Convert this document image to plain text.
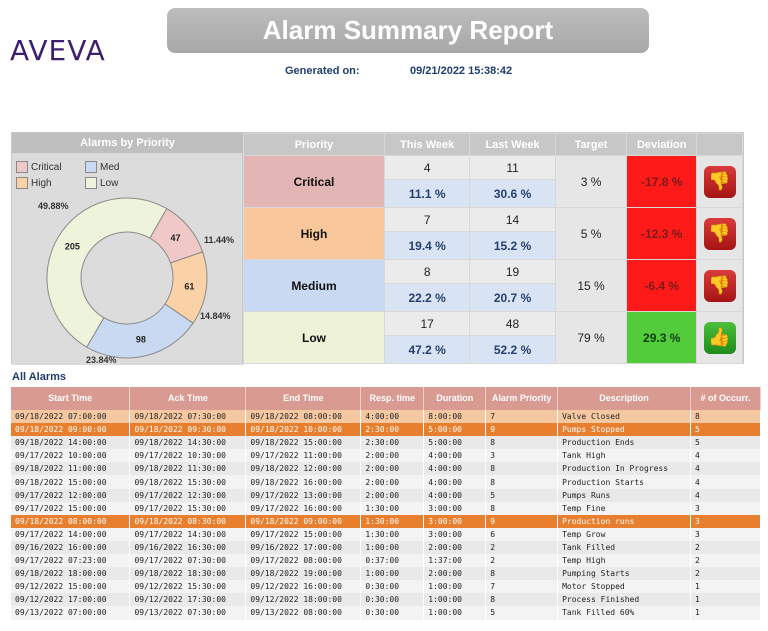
AVEVA
Alarm Summary Report
Generated on:	09/21/2022 15:38:42
Alarms by Priority
Critical	Med
High	Low
47
61
98
205
49.88%
11.44%
14.84%
23.84%
Priority	This Week	Last Week	Target	Deviation	
Critical	4	11	3 %	-17.8 %	👎

	11.1 %	30.6 %			
High	7	14	5 %	-12.3 %	👎

	19.4 %	15.2 %			
Medium	8	19	15 %	-6.4 %	👎

	22.2 %	20.7 %			
Low	17	48	79 %	29.3 %	👍

	47.2 %	52.2 %			
All Alarms
Start Time	Ack Time	End Time	Resp. time	Duration	Alarm Priority	Description	# of Occurr.
09/18/2022 07:00:00	09/18/2022 07:30:00	09/18/2022 08:00:00	4:00:00	8:00:00	7	Valve Closed	8
09/18/2022 09:00:00	09/18/2022 09:30:00	09/18/2022 10:00:00	2:30:00	5:00:00	9	Pumps Stopped	5
09/18/2022 14:00:00	09/18/2022 14:30:00	09/18/2022 15:00:00	2:30:00	5:00:00	8	Production Ends	5
09/17/2022 10:00:00	09/17/2022 10:30:00	09/17/2022 11:00:00	2:00:00	4:00:00	3	Tank High	4
09/18/2022 11:00:00	09/18/2022 11:30:00	09/18/2022 12:00:00	2:00:00	4:00:00	8	Production In Progress	4
09/18/2022 15:00:00	09/18/2022 15:30:00	09/18/2022 16:00:00	2:00:00	4:00:00	8	Production Starts	4
09/17/2022 12:00:00	09/17/2022 12:30:00	09/17/2022 13:00:00	2:00:00	4:00:00	5	Pumps Runs	4
09/17/2022 15:00:00	09/17/2022 15:30:00	09/17/2022 16:00:00	1:30:00	3:00:00	8	Temp Fine	3
09/18/2022 08:00:00	09/18/2022 08:30:00	09/18/2022 09:00:00	1:30:00	3:00:00	9	Production runs	3
09/17/2022 14:00:00	09/17/2022 14:30:00	09/17/2022 15:00:00	1:30:00	3:00:00	6	Temp Grow	3
09/16/2022 16:00:00	09/16/2022 16:30:00	09/16/2022 17:00:00	1:00:00	2:00:00	2	Tank Filled	2
09/17/2022 07:23:00	09/17/2022 07:30:00	09/17/2022 08:00:00	0:37:00	1:37:00	2	Temp High	2
09/18/2022 18:00:00	09/18/2022 18:30:00	09/18/2022 19:00:00	1:00:00	2:00:00	8	Pumping Starts	2
09/12/2022 15:00:00	09/12/2022 15:30:00	09/12/2022 16:00:00	0:30:00	1:00:00	7	Motor Stopped	1
09/12/2022 17:00:00	09/12/2022 17:30:00	09/12/2022 18:00:00	0:30:00	1:00:00	8	Process Finished	1
09/13/2022 07:00:00	09/13/2022 07:30:00	09/13/2022 08:00:00	0:30:00	1:00:00	5	Tank Filled 60%	1
